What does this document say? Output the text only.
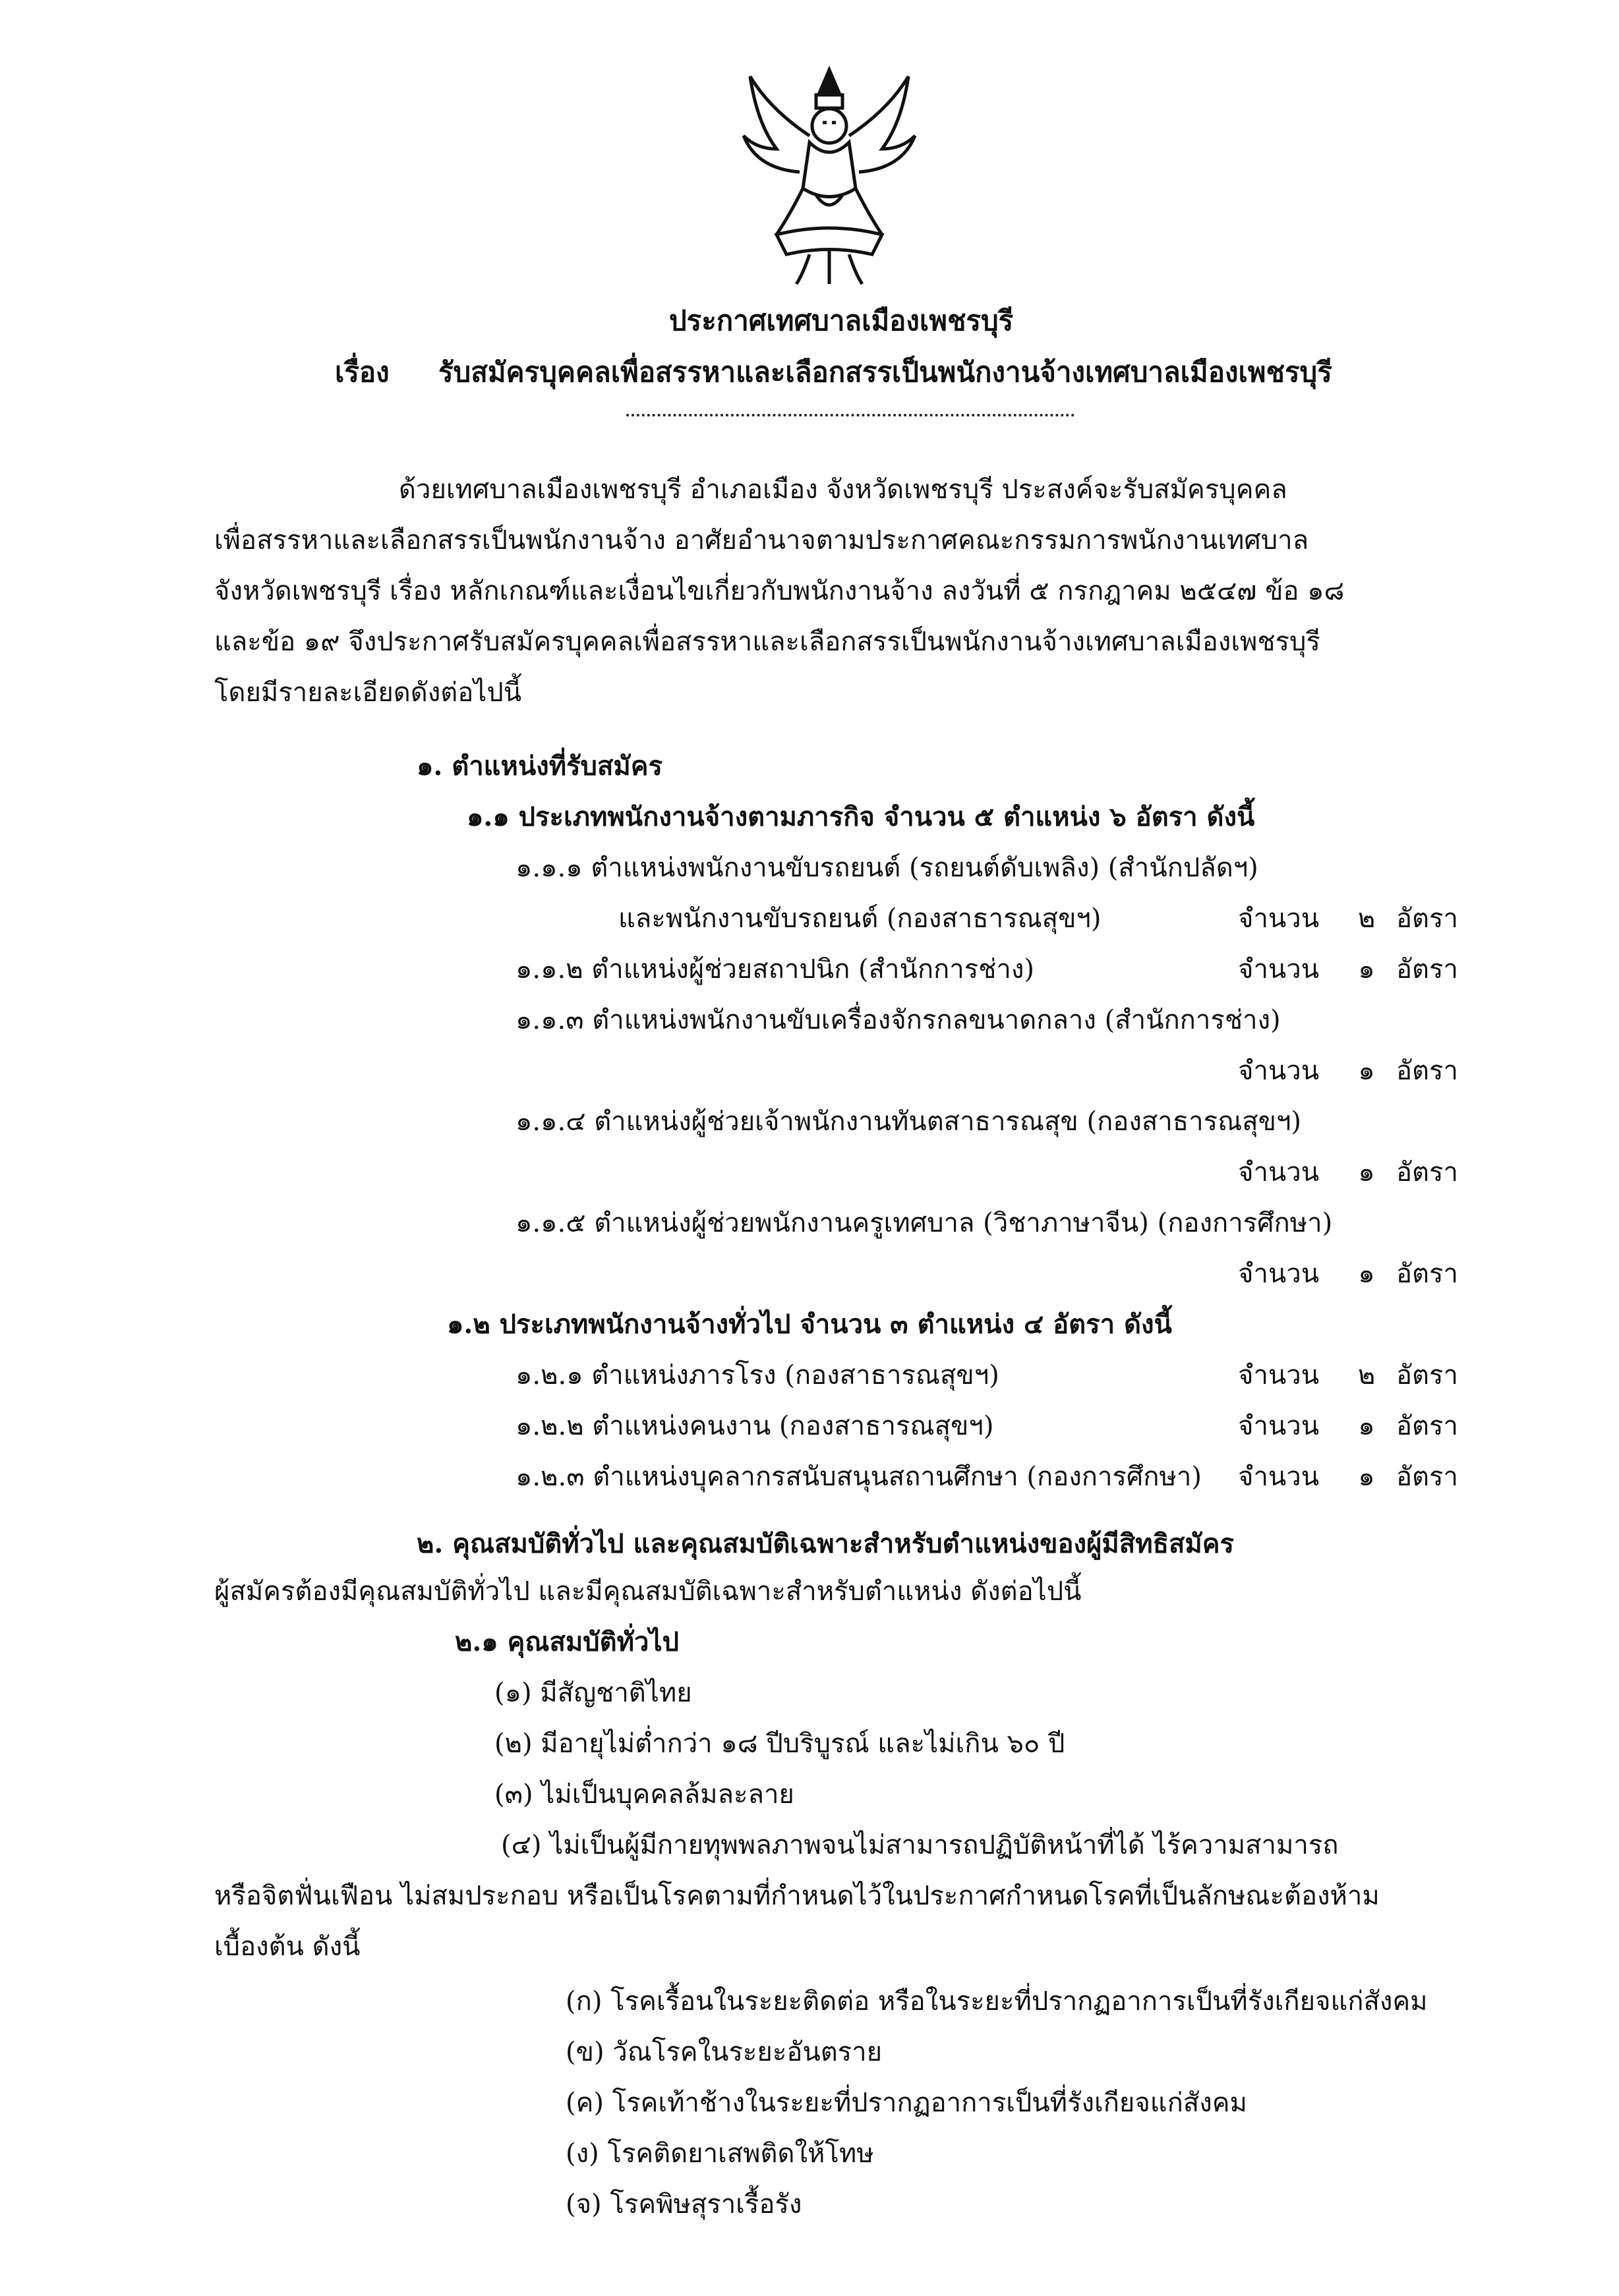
ประกาศเทศบาลเมืองเพชรบุรี
เรื่อง รับสมัครบุคคลเพื่อสรรหาและเลือกสรรเป็นพนักงานจ้างเทศบาลเมืองเพชรบุรี
ด้วยเทศบาลเมืองเพชรบุรี อำเภอเมือง จังหวัดเพชรบุรี ประสงค์จะรับสมัครบุคคล
เพื่อสรรหาและเลือกสรรเป็นพนักงานจ้าง อาศัยอำนาจตามประกาศคณะกรรมการพนักงานเทศบาล
จังหวัดเพชรบุรี เรื่อง หลักเกณฑ์และเงื่อนไขเกี่ยวกับพนักงานจ้าง ลงวันที่ ๕ กรกฎาคม ๒๕๔๗ ข้อ ๑๘
และข้อ ๑๙ จึงประกาศรับสมัครบุคคลเพื่อสรรหาและเลือกสรรเป็นพนักงานจ้างเทศบาลเมืองเพชรบุรี
โดยมีรายละเอียดดังต่อไปนี้
๑. ตำแหน่งที่รับสมัคร
๑.๑ ประเภทพนักงานจ้างตามภารกิจ จำนวน ๕ ตำแหน่ง ๖ อัตรา ดังนี้
๑.๑.๑ ตำแหน่งพนักงานขับรถยนต์ (รถยนต์ดับเพลิง) (สำนักปลัดฯ)
และพนักงานขับรถยนต์ (กองสาธารณสุขฯ)
๑.๑.๒ ตำแหน่งผู้ช่วยสถาปนิก (สำนักการช่าง)
๑.๑.๓ ตำแหน่งพนักงานขับเครื่องจักรกลขนาดกลาง (สำนักการช่าง)
๑.๑.๔ ตำแหน่งผู้ช่วยเจ้าพนักงานทันตสาธารณสุข (กองสาธารณสุขฯ)
๑.๑.๕ ตำแหน่งผู้ช่วยพนักงานครูเทศบาล (วิชาภาษาจีน) (กองการศึกษา)
จำนวน ๒ อัตรา
จำนวน ๑ อัตรา
จำนวน ๑ อัตรา
จำนวน ๑ อัตรา
จำนวน ๑ อัตรา
๑.๒ ประเภทพนักงานจ้างทั่วไป จำนวน ๓ ตำแหน่ง ๔ อัตรา ดังนี้
๑.๒.๑ ตำแหน่งภารโรง (กองสาธารณสุขฯ)
๑.๒.๒ ตำแหน่งคนงาน (กองสาธารณสุขฯ)
๑.๒.๓ ตำแหน่งบุคลากรสนับสนุนสถานศึกษา (กองการศึกษา)
จำนวน ๒ อัตรา
จำนวน ๑ อัตรา
จำนวน ๑ อัตรา
๒. คุณสมบัติทั่วไป และคุณสมบัติเฉพาะสำหรับตำแหน่งของผู้มีสิทธิสมัคร
ผู้สมัครต้องมีคุณสมบัติทั่วไป และมีคุณสมบัติเฉพาะสำหรับตำแหน่ง ดังต่อไปนี้
๒.๑ คุณสมบัติทั่วไป
(๑) มีสัญชาติไทย
(๒) มีอายุไม่ต่ำกว่า ๑๘ ปีบริบูรณ์ และไม่เกิน ๖๐ ปี
(๓) ไม่เป็นบุคคลล้มละลาย
(๔) ไม่เป็นผู้มีกายทุพพลภาพจนไม่สามารถปฏิบัติหน้าที่ได้ ไร้ความสามารถ
หรือจิตฟั่นเฟือน ไม่สมประกอบ หรือเป็นโรคตามที่กำหนดไว้ในประกาศกำหนดโรคที่เป็นลักษณะต้องห้าม
เบื้องต้น ดังนี้
(ก) โรคเรื้อนในระยะติดต่อ หรือในระยะที่ปรากฏอาการเป็นที่รังเกียจแก่สังคม
(ข) วัณโรคในระยะอันตราย
(ค) โรคเท้าช้างในระยะที่ปรากฏอาการเป็นที่รังเกียจแก่สังคม
(ง) โรคติดยาเสพติดให้โทษ
(จ) โรคพิษสุราเรื้อรัง
